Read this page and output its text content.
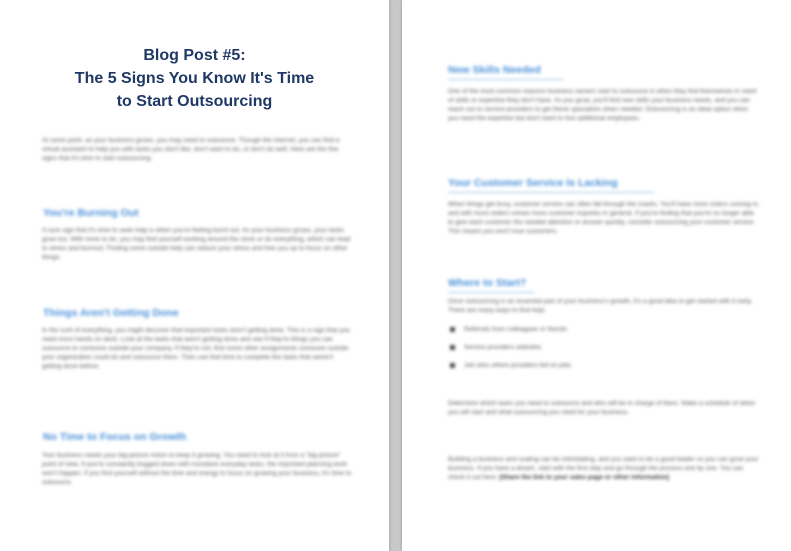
Blog Post #5:
The 5 Signs You Know It's Time
to Start Outsourcing
At some point, as your business grows, you may need to outsource. Though the internet, you can find a virtual assistant to help you with tasks you don't like, don't want to do, or don't do well. Here are the five signs that it's time to start outsourcing.
You're Burning Out
A sure sign that it's time to seek help is when you're feeling burnt out. As your business grows, your tasks grow too. With more to do, you may find yourself working around the clock or do everything, which can lead to stress and burnout. Finding some outside help can reduce your stress and free you up to focus on other things.
Things Aren't Getting Done
In the rush of everything, you might discover that important tasks aren't getting done. This is a sign that you need more hands on deck. Look at the tasks that aren't getting done and see if they're things you can outsource to someone outside your company. If they're not, find some other assignments someone outside your organization could do and outsource them. Then use that time to complete the tasks that weren't getting done before.
No Time to Focus on Growth
Your business needs your big-picture vision to keep it growing. You need to look at it from a "big picture" point of view. If you're constantly bogged down with mundane everyday tasks, the important planning work won't happen. If you find yourself without the time and energy to focus on growing your business, it's time to outsource.
New Skills Needed
One of the most common reasons business owners start to outsource is when they find themselves in need of skills or expertise they don't have. As you grow, you'll find new skills your business needs, and you can reach out to service providers to get these specialists when needed. Outsourcing is an ideal option when you need the expertise but don't want to hire additional employees.
Your Customer Service Is Lacking
When things get busy, customer service can often fall through the cracks. You'll have more orders coming in, and with more orders comes more customer inquiries in general. If you're finding that you're no longer able to give each customer the needed attention or answer quickly, consider outsourcing your customer service. This means you won't lose customers.
Where to Start?
Once outsourcing is an essential part of your business's growth, it's a good idea to get started with it early. There are many ways to find help:
Referrals from colleagues or friends
Service providers websites
Job sites where providers bid on jobs
Determine which tasks you need to outsource and who will be in charge of them. Make a schedule of when you will start and what outsourcing you need for your business.
Building a business and scaling can be intimidating, and you want to be a good leader so you can grow your business. If you have a dream, start with the first step and go through the process one by one. You can check it out here: [Share the link to your sales page or other information]
